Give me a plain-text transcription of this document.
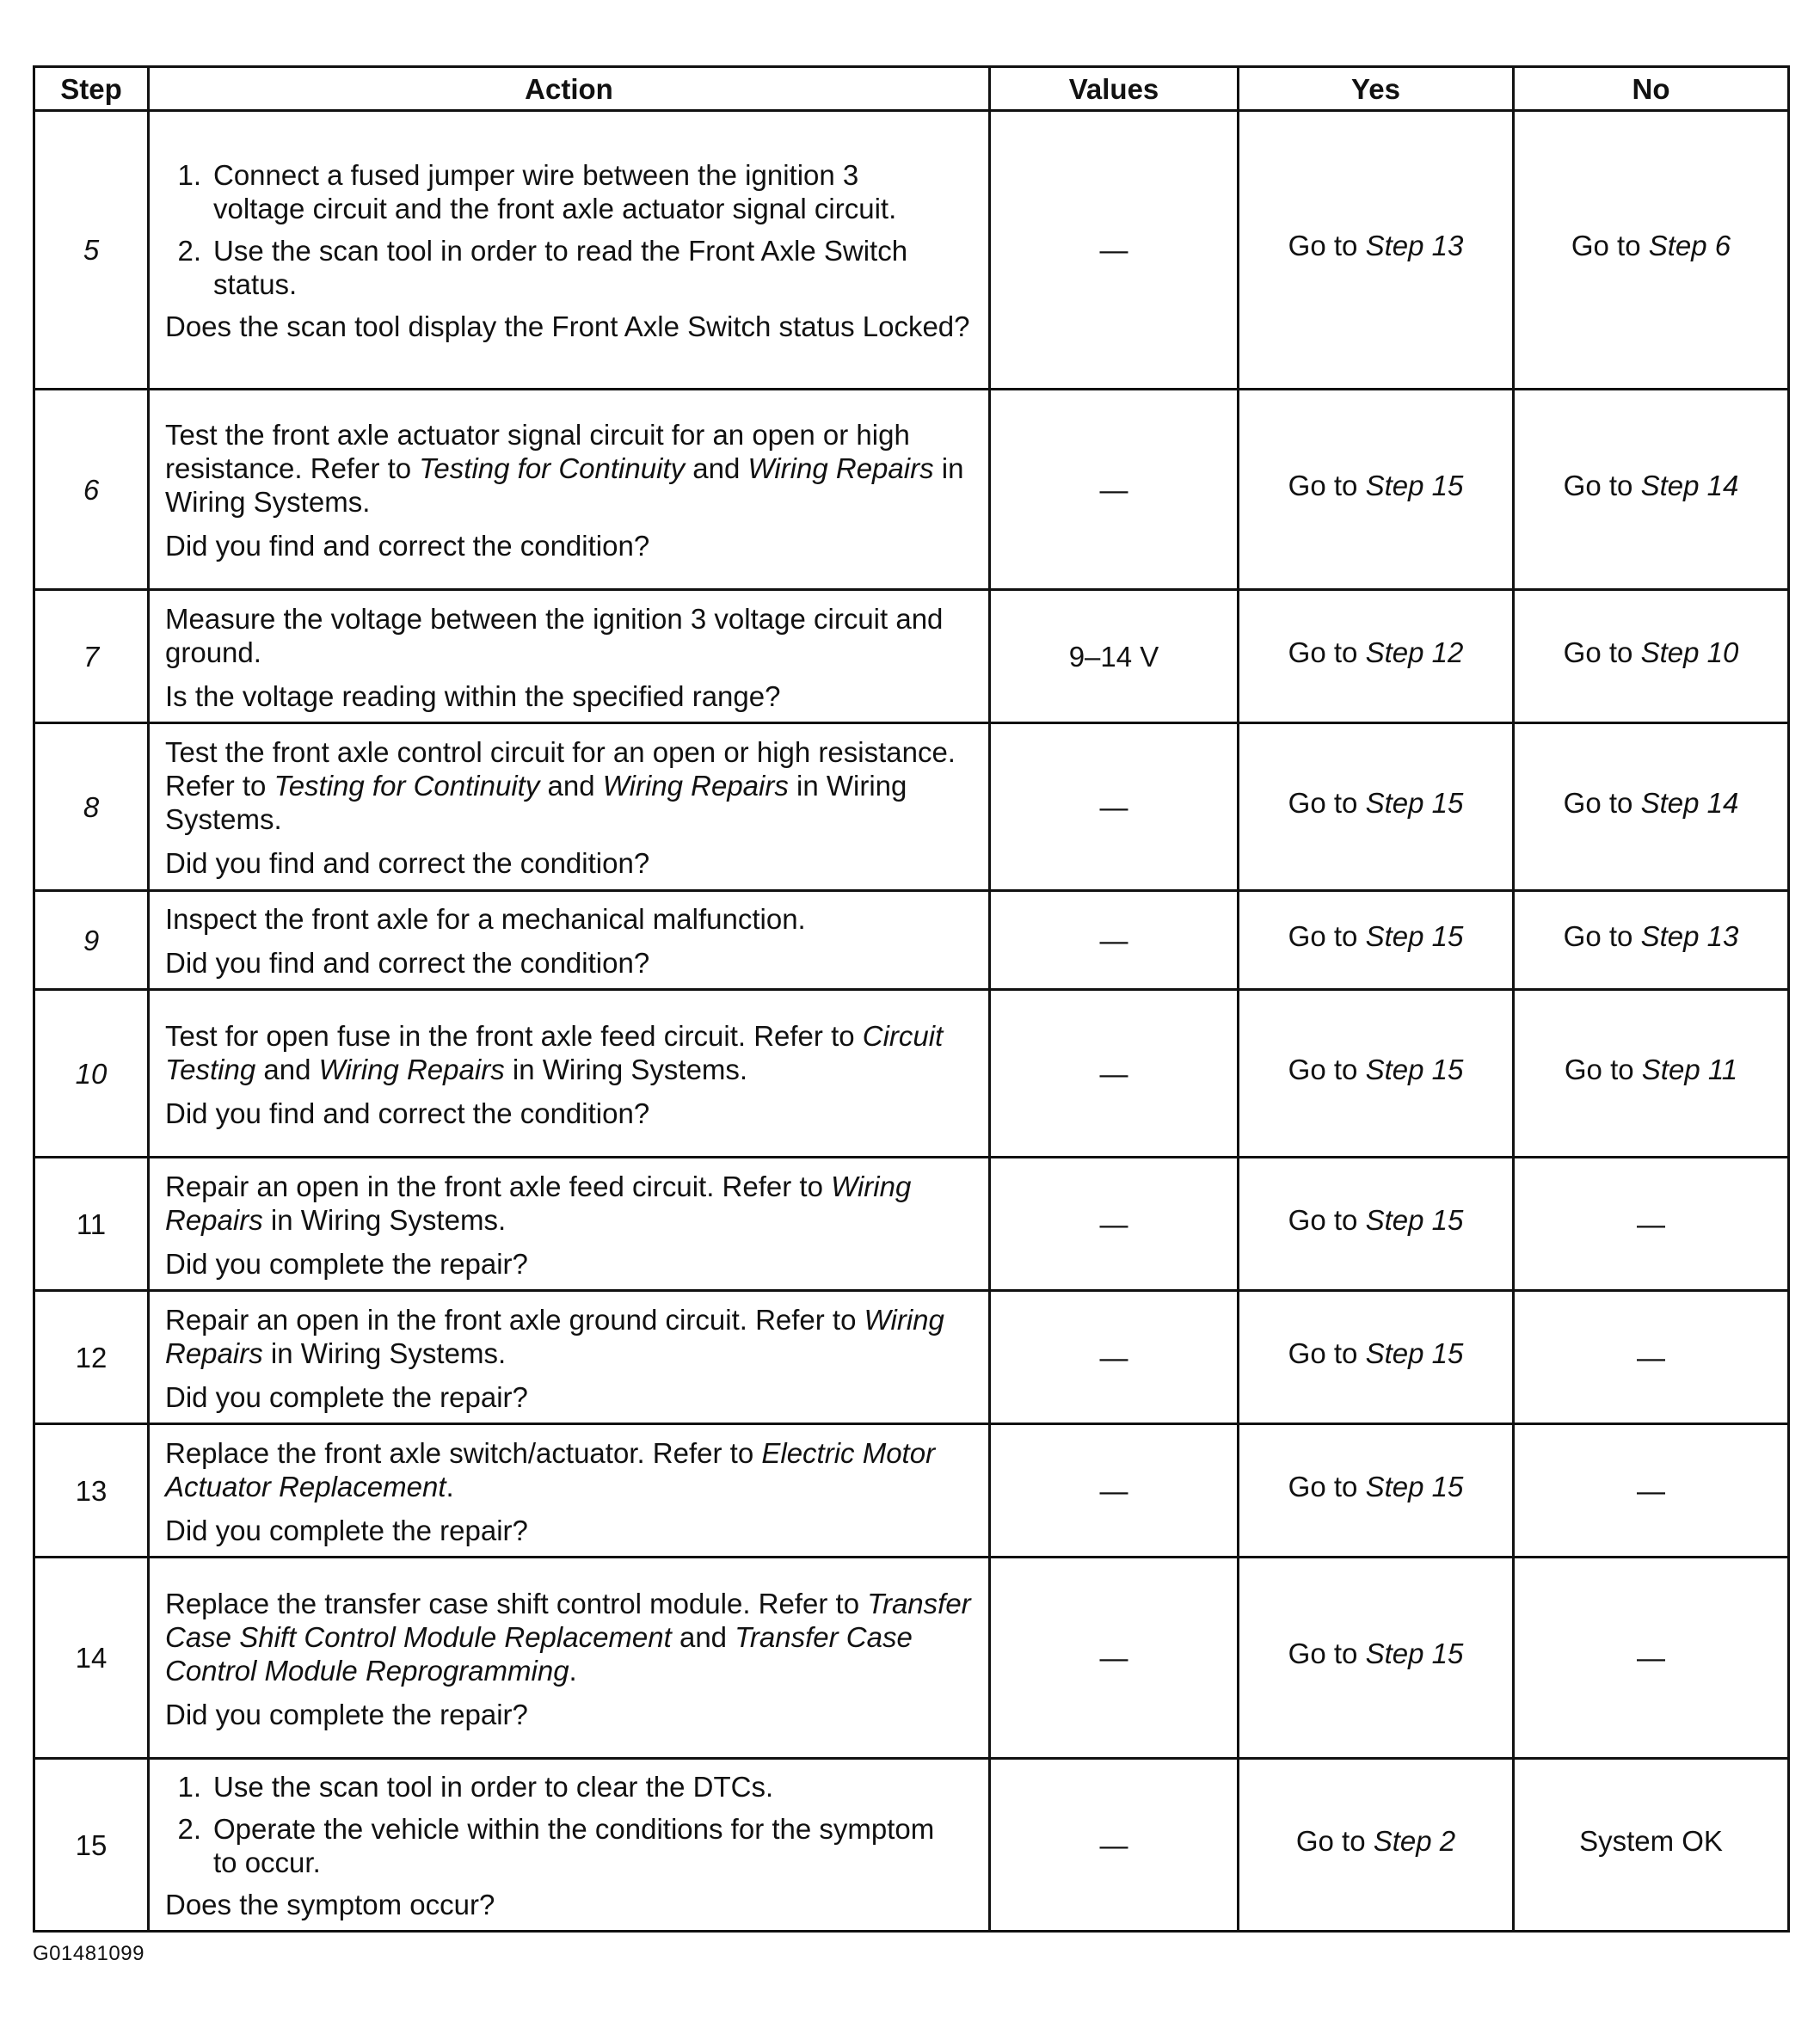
Step	Action	Values	Yes	No
5	1. Connect a fused jumper wire between the ignition 3 voltage circuit and the front axle actuator signal circuit.
2. Use the scan tool in order to read the Front Axle Switch status.
Does the scan tool display the Front Axle Switch status Locked?	—	Go to Step 13	Go to Step 6
6	Test the front axle actuator signal circuit for an open or high resistance. Refer to Testing for Continuity and Wiring Repairs in Wiring Systems.
Did you find and correct the condition?	—	Go to Step 15	Go to Step 14
7	Measure the voltage between the ignition 3 voltage circuit and ground.
Is the voltage reading within the specified range?	9–14 V	Go to Step 12	Go to Step 10
8	Test the front axle control circuit for an open or high resistance. Refer to Testing for Continuity and Wiring Repairs in Wiring Systems.
Did you find and correct the condition?	—	Go to Step 15	Go to Step 14
9	Inspect the front axle for a mechanical malfunction.
Did you find and correct the condition?	—	Go to Step 15	Go to Step 13
10	Test for open fuse in the front axle feed circuit. Refer to Circuit Testing and Wiring Repairs in Wiring Systems.
Did you find and correct the condition?	—	Go to Step 15	Go to Step 11
11	Repair an open in the front axle feed circuit. Refer to Wiring Repairs in Wiring Systems.
Did you complete the repair?	—	Go to Step 15	—
12	Repair an open in the front axle ground circuit. Refer to Wiring Repairs in Wiring Systems.
Did you complete the repair?	—	Go to Step 15	—
13	Replace the front axle switch/actuator. Refer to Electric Motor Actuator Replacement.
Did you complete the repair?	—	Go to Step 15	—
14	Replace the transfer case shift control module. Refer to Transfer Case Shift Control Module Replacement and Transfer Case Control Module Reprogramming.
Did you complete the repair?	—	Go to Step 15	—
15	1. Use the scan tool in order to clear the DTCs.
2. Operate the vehicle within the conditions for the symptom to occur.
Does the symptom occur?	—	Go to Step 2	System OK
G01481099
